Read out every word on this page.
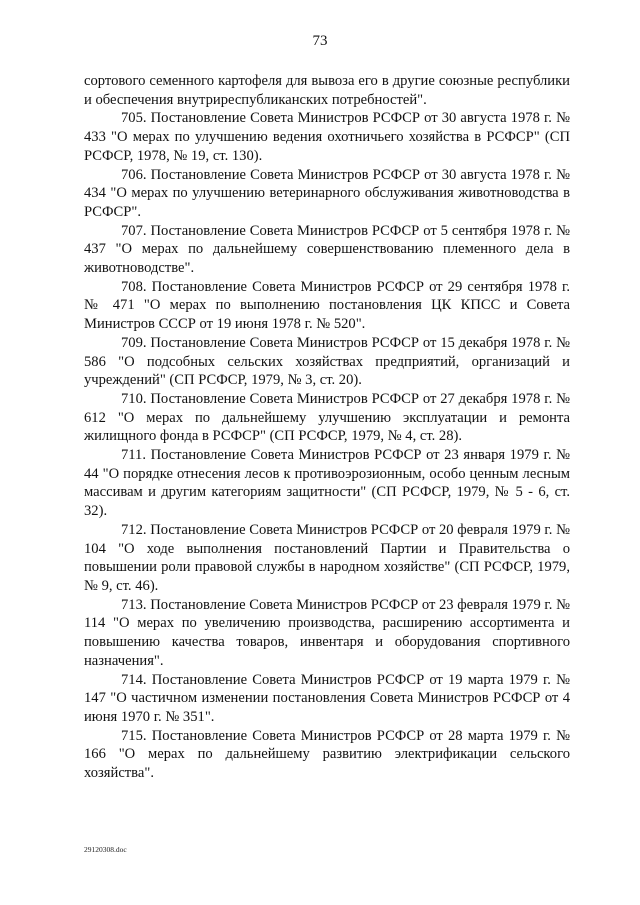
73

сортового семенного картофеля для вывоза его в другие союзные республики и обеспечения внутриреспубликанских потребностей".

705. Постановление Совета Министров РСФСР от 30 августа 1978 г. № 433 "О мерах по улучшению ведения охотничьего хозяйства в РСФСР" (СП РСФСР, 1978, № 19, ст. 130).

706. Постановление Совета Министров РСФСР от 30 августа 1978 г. № 434 "О мерах по улучшению ветеринарного обслуживания животноводства в РСФСР".

707. Постановление Совета Министров РСФСР от 5 сентября 1978 г. № 437 "О мерах по дальнейшему совершенствованию племенного дела в животноводстве".

708. Постановление Совета Министров РСФСР от 29 сентября 1978 г. № 471 "О мерах по выполнению постановления ЦК КПСС и Совета Министров СССР от 19 июня 1978 г. № 520".

709. Постановление Совета Министров РСФСР от 15 декабря 1978 г. № 586 "О подсобных сельских хозяйствах предприятий, организаций и учреждений" (СП РСФСР, 1979, № 3, ст. 20).

710. Постановление Совета Министров РСФСР от 27 декабря 1978 г. № 612 "О мерах по дальнейшему улучшению эксплуатации и ремонта жилищного фонда в РСФСР" (СП РСФСР, 1979, № 4, ст. 28).

711. Постановление Совета Министров РСФСР от 23 января 1979 г. № 44 "О порядке отнесения лесов к противоэрозионным, особо ценным лесным массивам и другим категориям защитности" (СП РСФСР, 1979, № 5 - 6, ст. 32).

712. Постановление Совета Министров РСФСР от 20 февраля 1979 г. № 104 "О ходе выполнения постановлений Партии и Правительства о повышении роли правовой службы в народном хозяйстве" (СП РСФСР, 1979, № 9, ст. 46).

713. Постановление Совета Министров РСФСР от 23 февраля 1979 г. № 114 "О мерах по увеличению производства, расширению ассортимента и повышению качества товаров, инвентаря и оборудования спортивного назначения".

714. Постановление Совета Министров РСФСР от 19 марта 1979 г. № 147 "О частичном изменении постановления Совета Министров РСФСР от 4 июня 1970 г. № 351".

715. Постановление Совета Министров РСФСР от 28 марта 1979 г. № 166 "О мерах по дальнейшему развитию электрификации сельского хозяйства".

29120308.doc
